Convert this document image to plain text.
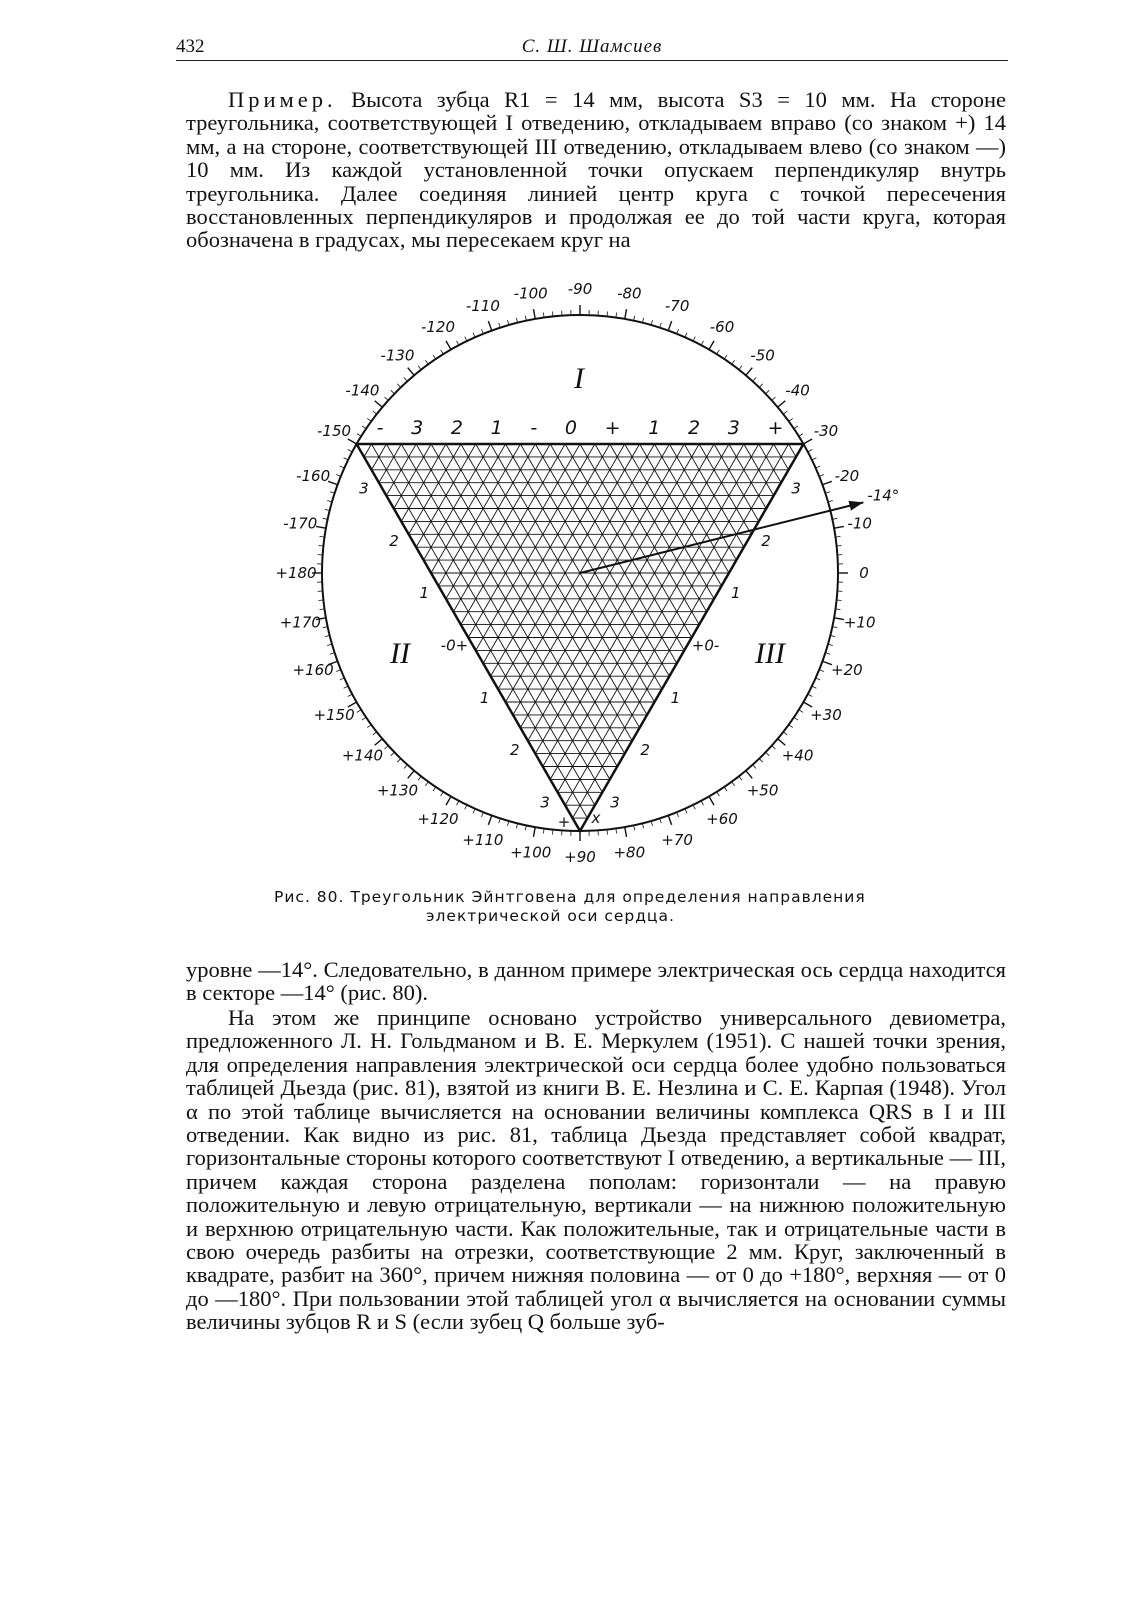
432	С. Ш. Шамсиев
Пример. Высота зубца R1 = 14 мм, высота S3 = 10 мм. На стороне треугольника, соответствующей I отведению, откладываем вправо (со знаком +) 14 мм, а на стороне, соответствующей III отведению, откладываем влево (со знаком —) 10 мм. Из каждой установленной точки опускаем перпендикуляр внутрь треугольника. Далее соединяя линией центр круга с точкой пересечения восстановленных перпендикуляров и продолжая ее до той части круга, которая обозначена в градусах, мы пересекаем круг на
-100 -90 -80
-70
-60
-50
-40
-30
-20
-10
0
+10
+20
+30
+40
+50
+60
+70
+80
+90
+100
+110
+120
+130
+140
+150
+160
+170
+180
-170
-160
-150
-140
-130
-120
-110
-14°
- 3 2 1 - 0 + 1 2 3 +
I
II	III
3
2
1
-0+
1
2
3
3
2
1
+0-
1
2
3
+ x
Рис. 80. Треугольник Эйнтговена для определения направления
электрической оси сердца.
уровне —14°. Следовательно, в данном примере электрическая ось сердца находится в секторе —14° (рис. 80).
На этом же принципе основано устройство универсального девиометра, предложенного Л. Н. Гольдманом и В. Е. Меркулем (1951). С нашей точки зрения, для определения направления электрической оси сердца более удобно пользоваться таблицей Дьезда (рис. 81), взятой из книги В. Е. Незлина и С. Е. Карпая (1948). Угол α по этой таблице вычисляется на основании величины комплекса QRS в I и III отведении. Как видно из рис. 81, таблица Дьезда представляет собой квадрат, горизонтальные стороны которого соответствуют I отведению, а вертикальные — III, причем каждая сторона разделена пополам: горизонтали — на правую положительную и левую отрицательную, вертикали — на нижнюю положительную и верхнюю отрицательную части. Как положительные, так и отрицательные части в свою очередь разбиты на отрезки, соответствующие 2 мм. Круг, заключенный в квадрате, разбит на 360°, причем нижняя половина — от 0 до +180°, верхняя — от 0 до —180°. При пользовании этой таблицей угол α вычисляется на основании суммы величины зубцов R и S (если зубец Q больше зуб-
